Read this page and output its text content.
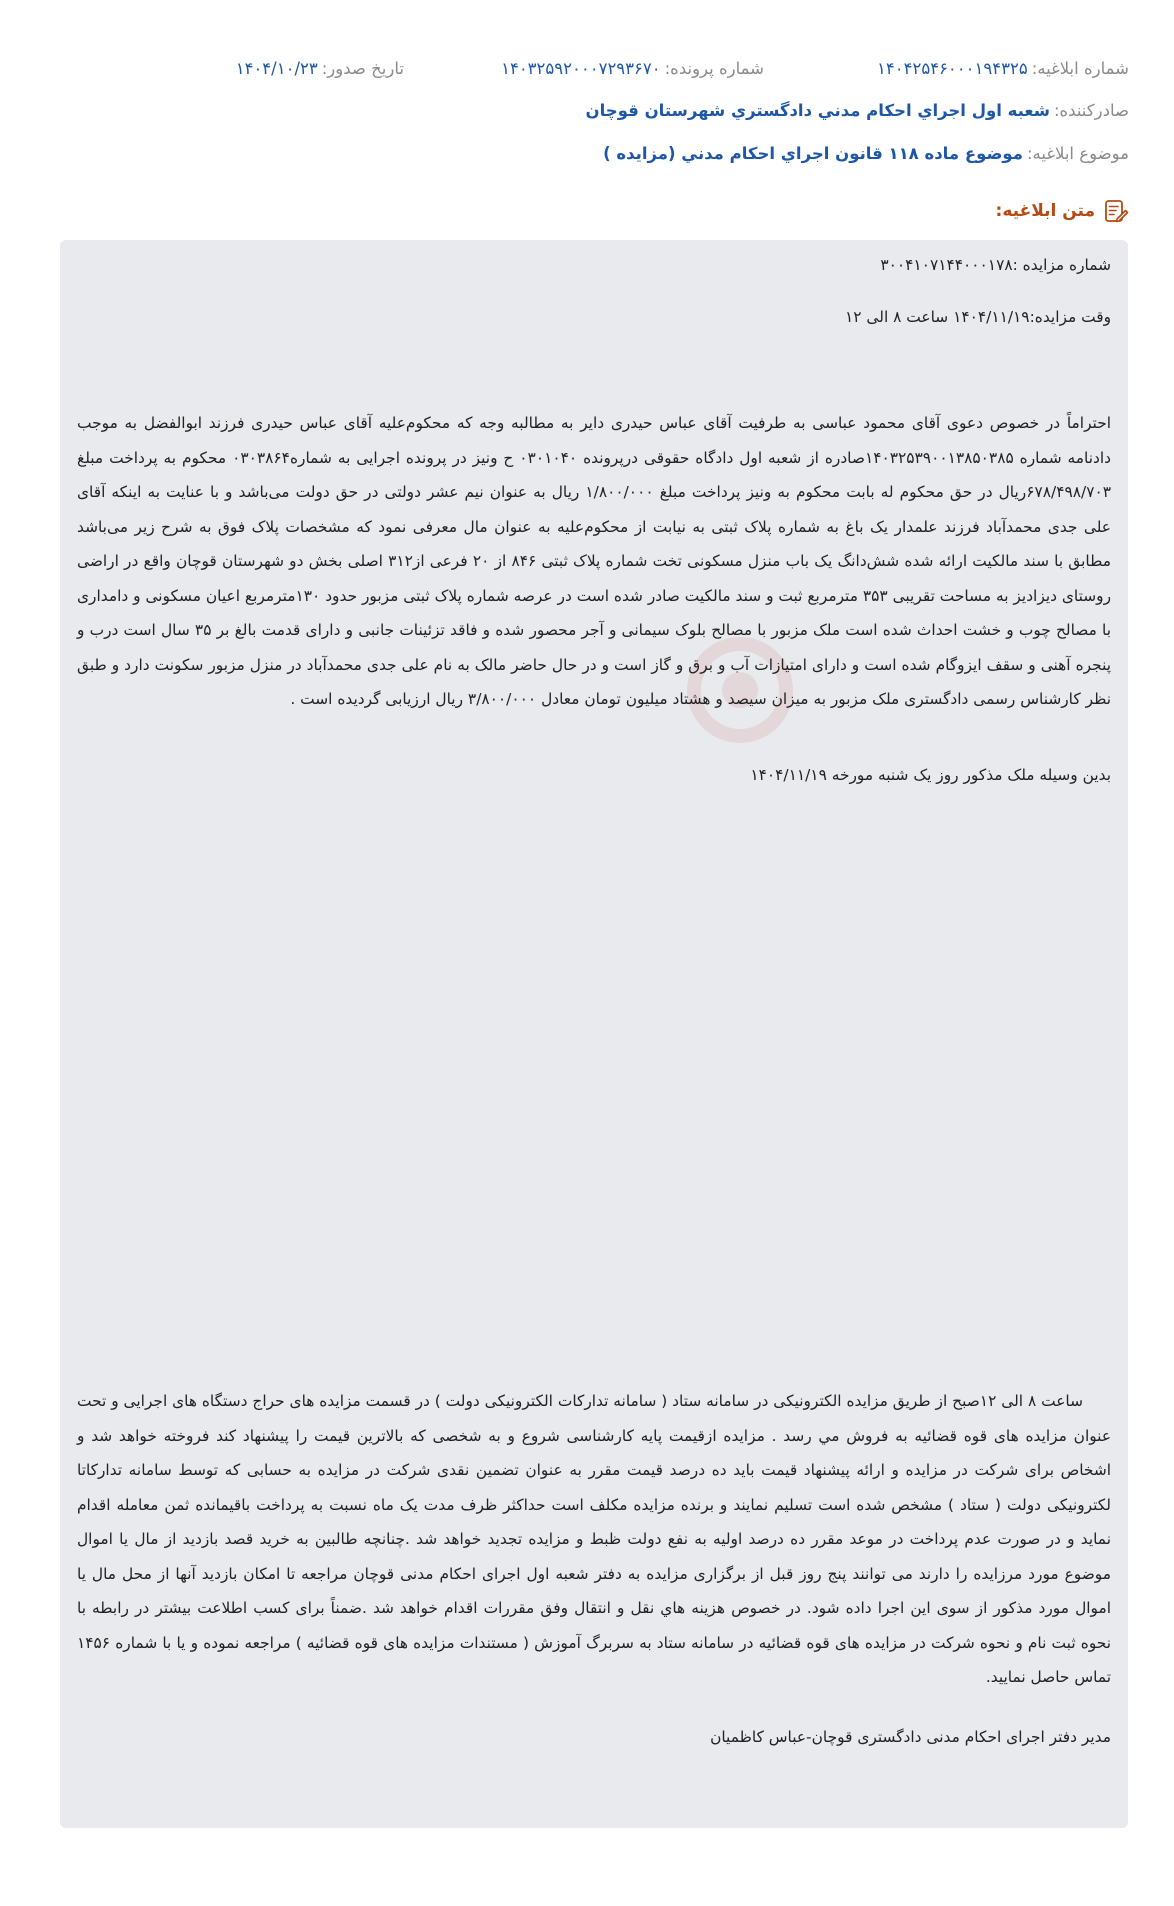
شماره ابلاغيه:
۱۴۰۴۲۵۴۶۰۰۰۱۹۴۳۲۵
شماره پرونده:
۱۴۰۳۲۵۹۲۰۰۰۷۲۹۳۶۷۰
تاريخ صدور:
۱۴۰۴/۱۰/۲۳
صادرکننده:
شعبه اول اجراي احکام مدني دادگستري شهرستان قوچان
موضوع ابلاغيه:
موضوع ماده ۱۱۸ قانون اجراي احکام مدني (مزايده )
متن ابلاغيه:
شماره مزایده :۳۰۰۴۱۰۷۱۴۴۰۰۰۱۷۸
وقت مزایده:۱۴۰۴/۱۱/۱۹ ساعت ۸ الی ۱۲
احتراماً در خصوص دعوی آقای محمود عباسی به طرفیت آقای عباس حیدری دایر به مطالبه وجه که محکوم‌علیه آقای عباس حیدری فرزند ابوالفضل به موجب دادنامه شماره ۱۴۰۳۲۵۳۹۰۰۱۳۸۵۰۳۸۵صادره از شعبه اول دادگاه حقوقی درپرونده ۰۳۰۱۰۴۰ ح ونیز در پرونده اجرایی به شماره۰۳۰۳۸۶۴ محکوم به پرداخت مبلغ ۶۷۸/۴۹۸/۷۰۳ریال در حق محکوم له بابت محکوم به ونیز پرداخت مبلغ ۱/۸۰۰/۰۰۰ ریال به عنوان نیم عشر دولتی در حق دولت می‌باشد و با عنایت به اینکه آقای علی جدی محمدآباد فرزند علمدار یک باغ به شماره پلاک ثبتی به نیابت از محکوم‌علیه به عنوان مال معرفی نمود که مشخصات پلاک فوق به شرح زیر می‌باشد مطابق با سند مالکیت ارائه شده شش‌دانگ یک باب منزل مسکونی تخت شماره پلاک ثبتی ۸۴۶ از ۲۰ فرعی از۳۱۲ اصلی بخش دو شهرستان قوچان واقع در اراضی روستای دیزادیز به مساحت تقریبی ۳۵۳ مترمربع ثبت و سند مالکیت صادر شده است در عرصه شماره پلاک ثبتی مزبور حدود ۱۳۰مترمربع اعیان مسکونی و دامداری با مصالح چوب و خشت احداث شده است ملک مزبور با مصالح بلوک سیمانی و آجر محصور شده و فاقد تزئینات جانبی و دارای قدمت بالغ بر ۳۵ سال است درب و پنجره آهنی و سقف ایزوگام شده است و دارای امتیازات آب و برق و گاز است و در حال حاضر مالک به نام علی جدی محمدآباد در منزل مزبور سکونت دارد و طبق نظر کارشناس رسمی دادگستری ملک مزبور به میزان سیصد و هشتاد میلیون تومان معادل ۳/۸۰۰/۰۰۰ ریال ارزیابی گردیده است .
بدین وسیله ملک مذکور روز یک شنبه مورخه ۱۴۰۴/۱۱/۱۹
ساعت ۸ الی ۱۲صبح از طریق مزایده الکترونیکی در سامانه ستاد ( سامانه تدارکات الکترونیکی دولت ) در قسمت مزایده های حراج دستگاه های اجرایی و تحت عنوان مزایده های قوه قضائیه به فروش مي رسد . مزایده ازقیمت پایه کارشناسی شروع و به شخصی که بالاترین قیمت را پیشنهاد کند فروخته خواهد شد و اشخاص برای شرکت در مزایده و ارائه پیشنهاد قیمت باید ده درصد قیمت مقرر به عنوان تضمین نقدی شرکت در مزایده به حسابی که توسط سامانه تدارکاتا لکترونیکی دولت ( ستاد ) مشخص شده است تسلیم نمایند و برنده مزایده مکلف است حداکثر ظرف مدت یک ماه نسبت به پرداخت باقیمانده ثمن معامله اقدام نماید و در صورت عدم پرداخت در موعد مقرر ده درصد اولیه به نفع دولت ظبط و مزایده تجدید خواهد شد .چنانچه طالبین به خرید قصد بازدید از مال یا اموال موضوع مورد مرزایده را دارند می توانند پنج روز قبل از برگزاری مزایده به دفتر شعبه اول اجرای احکام مدنی قوچان مراجعه تا امکان بازدید آنها از محل مال یا اموال مورد مذکور از سوی این اجرا داده شود. در خصوص هزینه هاي نقل و انتقال وفق مقررات اقدام خواهد شد .ضمناً برای کسب اطلاعت بیشتر در رابطه با نحوه ثبت نام و نحوه شرکت در مزایده های قوه قضائیه در سامانه ستاد به سربرگ آموزش ( مستندات مزایده های قوه قضائیه ) مراجعه نموده و یا با شماره ۱۴۵۶ تماس حاصل نمایید.
مدیر دفتر اجرای احکام مدنی دادگستری قوچان-عباس کاظمیان
